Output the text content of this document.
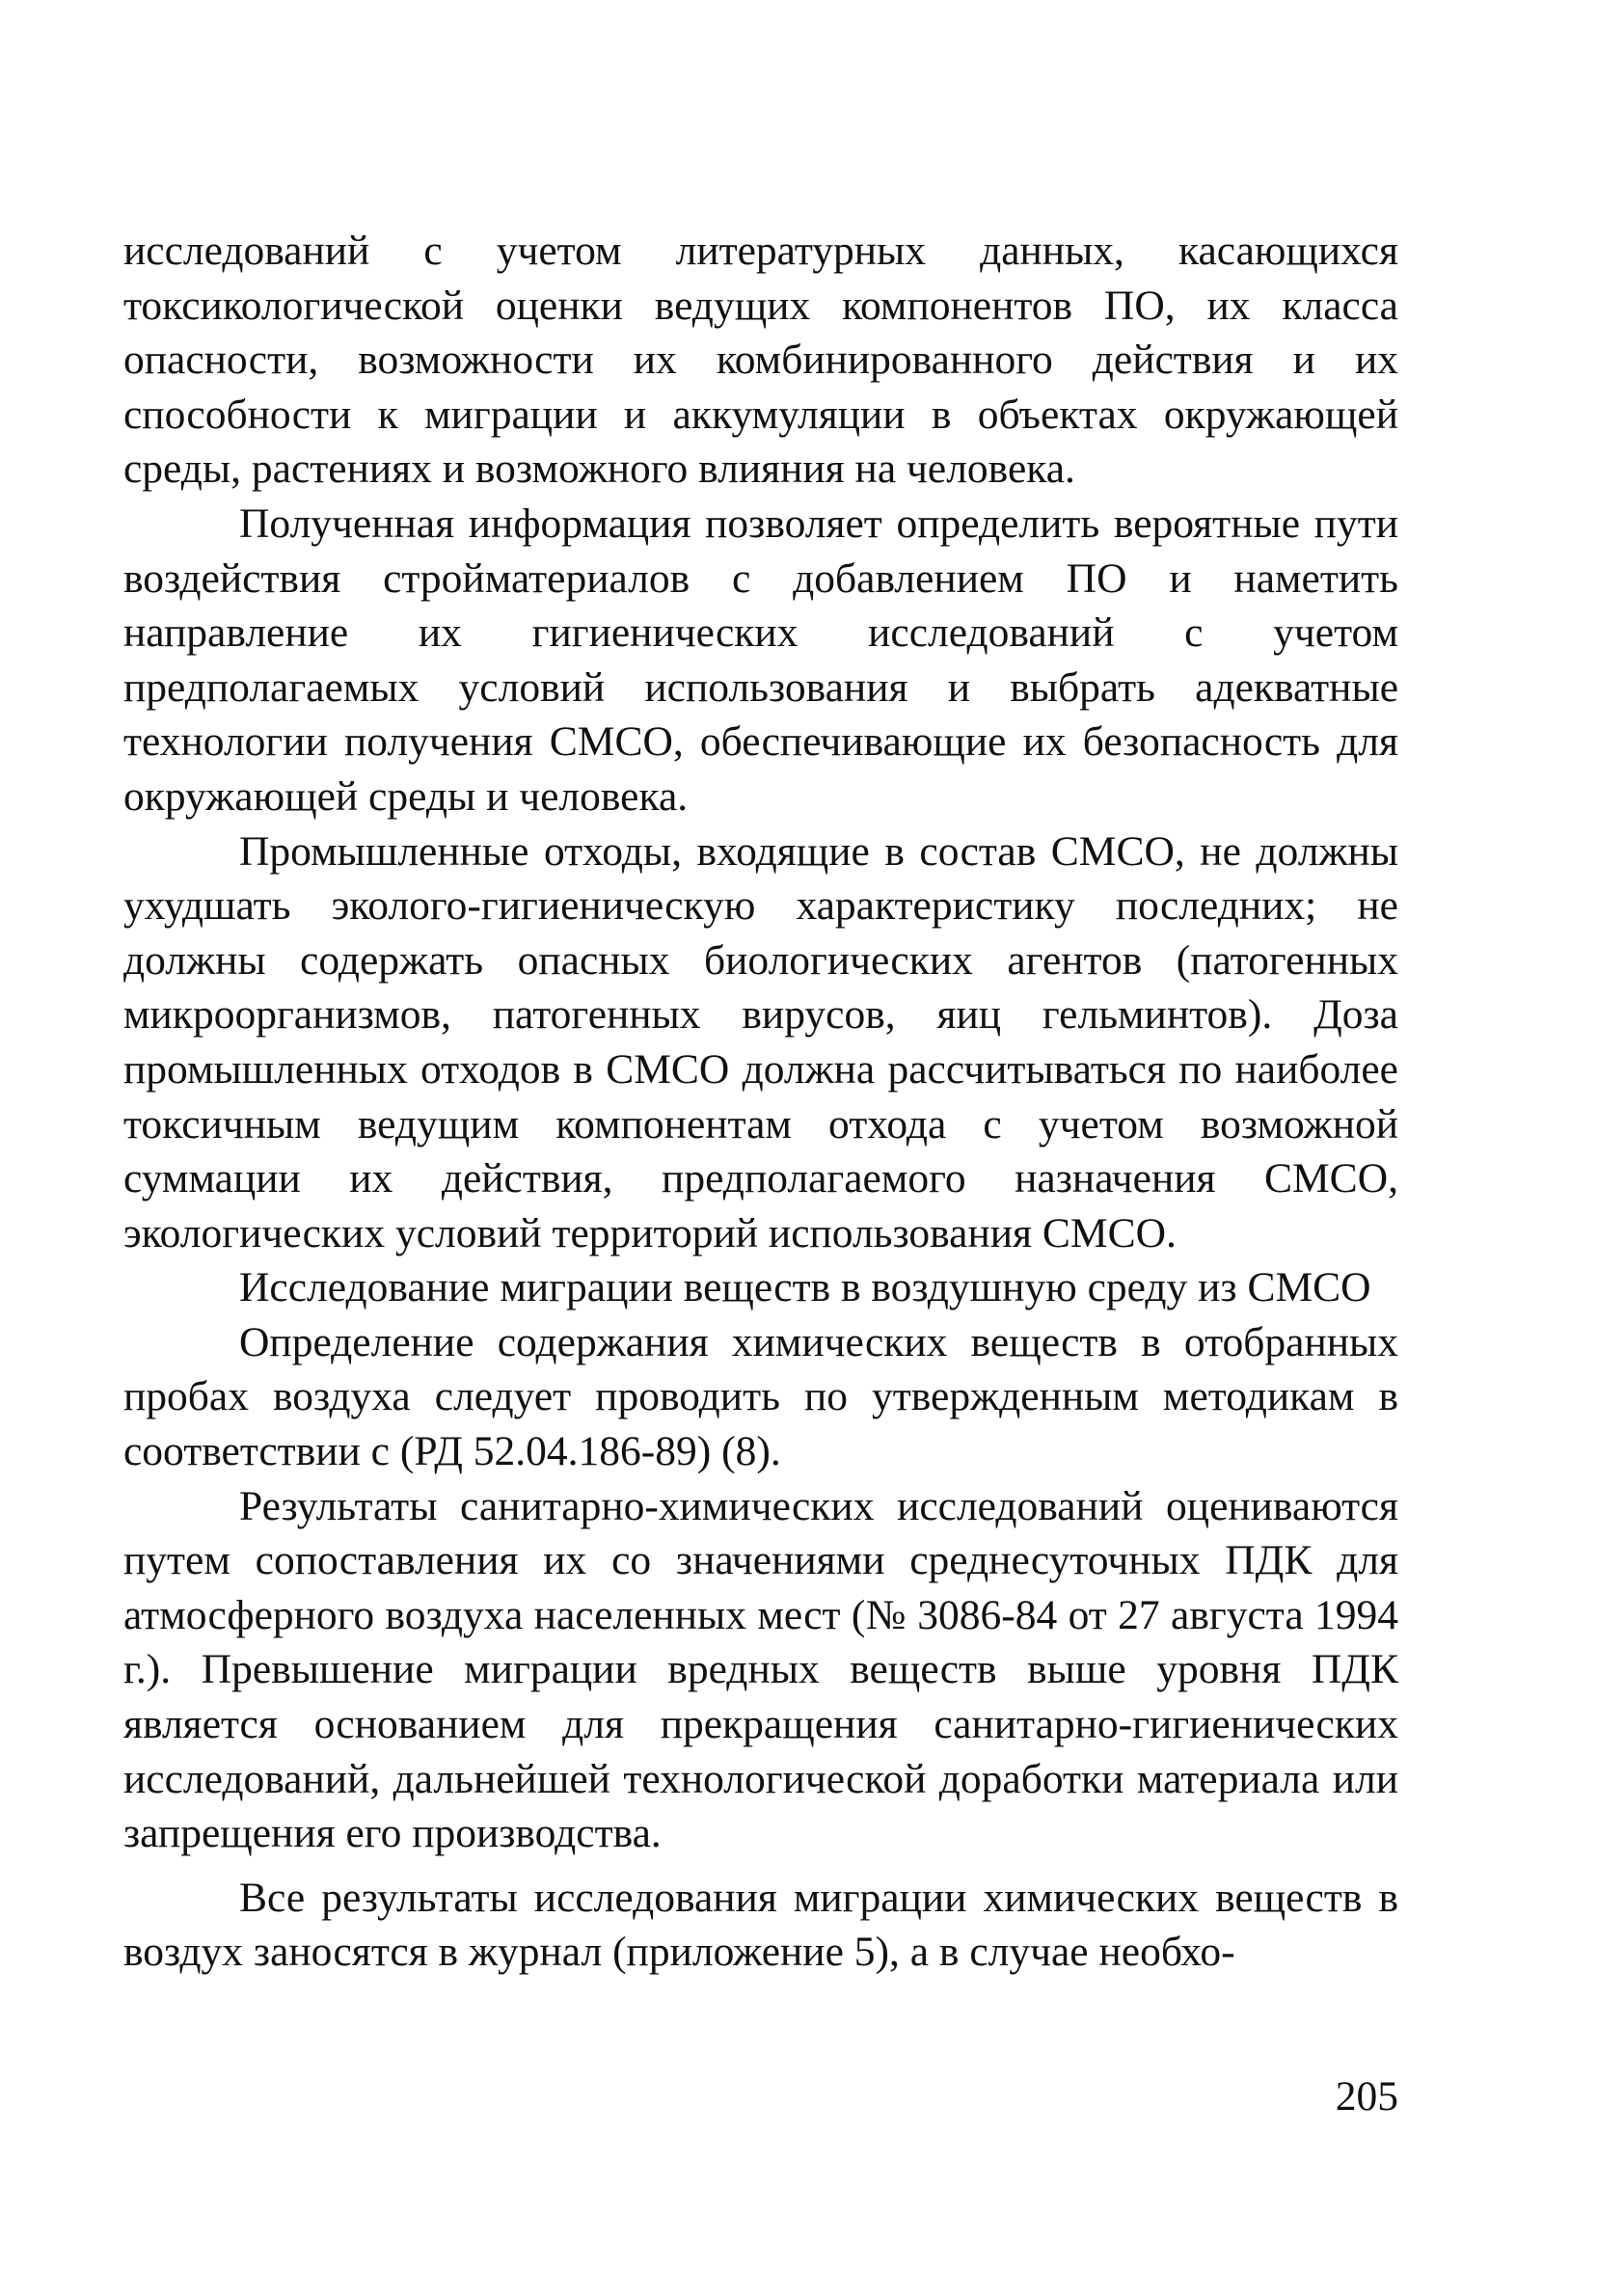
исследований с учетом литературных данных, касающихся токсикологической оценки ведущих компонентов ПО, их класса опасности, возможности их комбинированного действия и их способности к миграции и аккумуляции в объектах окружающей среды, растениях и возможного влияния на человека.

Полученная информация позволяет определить вероятные пути воздействия стройматериалов с добавлением ПО и наметить направление их гигиенических исследований с учетом предполагаемых условий использования и выбрать адекватные технологии получения СМСО, обеспечивающие их безопасность для окружающей среды и человека.

Промышленные отходы, входящие в состав СМСО, не должны ухудшать эколого-гигиеническую характеристику последних; не должны содержать опасных биологических агентов (патогенных микроорганизмов, патогенных вирусов, яиц гельминтов). Доза промышленных отходов в СМСО должна рассчитываться по наиболее токсичным ведущим компонентам отхода с учетом возможной суммации их действия, предполагаемого назначения СМСО, экологических условий территорий использования СМСО.

Исследование миграции веществ в воздушную среду из СМСО

Определение содержания химических веществ в отобранных пробах воздуха следует проводить по утвержденным методикам в соответствии с (РД 52.04.186-89) (8).

Результаты санитарно-химических исследований оцениваются путем сопоставления их со значениями среднесуточных ПДК для атмосферного воздуха населенных мест (№ 3086-84 от 27 августа 1994 г.). Превышение миграции вредных веществ выше уровня ПДК является основанием для прекращения санитарно-гигиенических исследований, дальнейшей технологической доработки материала или запрещения его производства.

Все результаты исследования миграции химических веществ в воздух заносятся в журнал (приложение 5), а в случае необхо-

205
